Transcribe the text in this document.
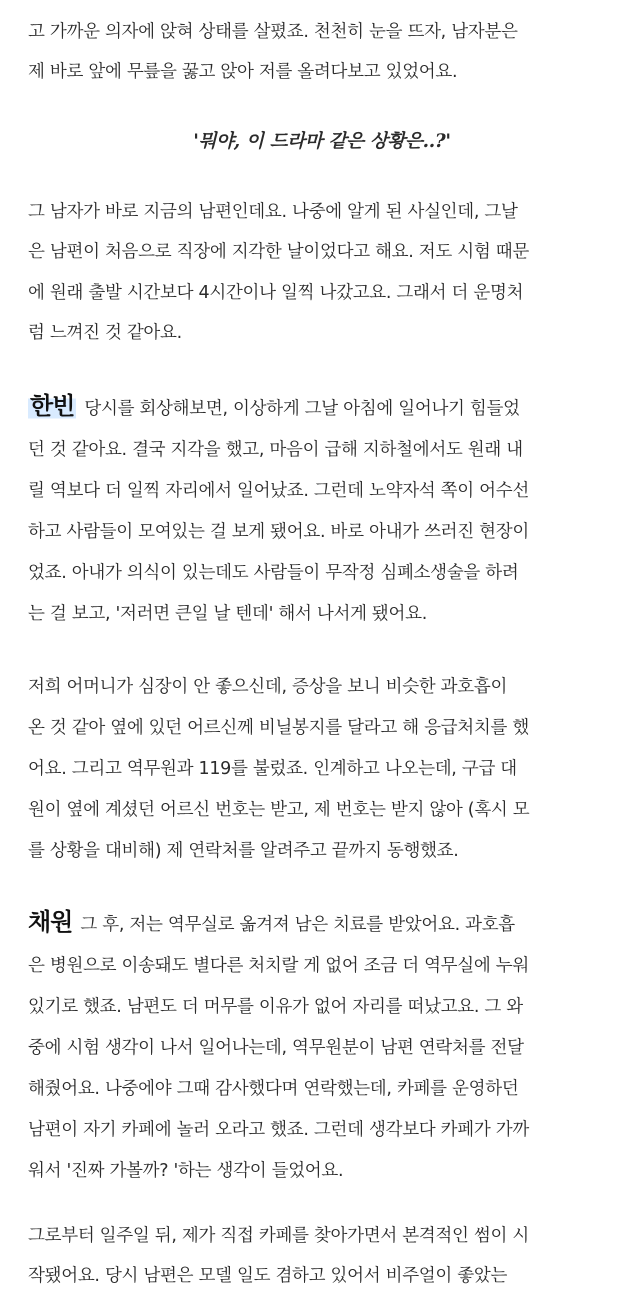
고 가까운 의자에 앉혀 상태를 살폈죠. 천천히 눈을 뜨자, 남자분은
제 바로 앞에 무릎을 꿇고 앉아 저를 올려다보고 있었어요.
'뭐야, 이 드라마 같은 상황은..?'
그 남자가 바로 지금의 남편인데요. 나중에 알게 된 사실인데, 그날
은 남편이 처음으로 직장에 지각한 날이었다고 해요. 저도 시험 때문
에 원래 출발 시간보다 4시간이나 일찍 나갔고요. 그래서 더 운명처
럼 느껴진 것 같아요.
한빈 당시를 회상해보면, 이상하게 그날 아침에 일어나기 힘들었
던 것 같아요. 결국 지각을 했고, 마음이 급해 지하철에서도 원래 내
릴 역보다 더 일찍 자리에서 일어났죠. 그런데 노약자석 쪽이 어수선
하고 사람들이 모여있는 걸 보게 됐어요. 바로 아내가 쓰러진 현장이
었죠. 아내가 의식이 있는데도 사람들이 무작정 심폐소생술을 하려
는 걸 보고, '저러면 큰일 날 텐데' 해서 나서게 됐어요.
저희 어머니가 심장이 안 좋으신데, 증상을 보니 비슷한 과호흡이
온 것 같아 옆에 있던 어르신께 비닐봉지를 달라고 해 응급처치를 했
어요. 그리고 역무원과 119를 불렀죠. 인계하고 나오는데, 구급 대
원이 옆에 계셨던 어르신 번호는 받고, 제 번호는 받지 않아 (혹시 모
를 상황을 대비해) 제 연락처를 알려주고 끝까지 동행했죠.
채원 그 후, 저는 역무실로 옮겨져 남은 치료를 받았어요. 과호흡
은 병원으로 이송돼도 별다른 처치랄 게 없어 조금 더 역무실에 누워
있기로 했죠. 남편도 더 머무를 이유가 없어 자리를 떠났고요. 그 와
중에 시험 생각이 나서 일어나는데, 역무원분이 남편 연락처를 전달
해줬어요. 나중에야 그때 감사했다며 연락했는데, 카페를 운영하던
남편이 자기 카페에 놀러 오라고 했죠. 그런데 생각보다 카페가 가까
워서 '진짜 가볼까? '하는 생각이 들었어요.
그로부터 일주일 뒤, 제가 직접 카페를 찾아가면서 본격적인 썸이 시
작됐어요. 당시 남편은 모델 일도 겸하고 있어서 비주얼이 좋았는
